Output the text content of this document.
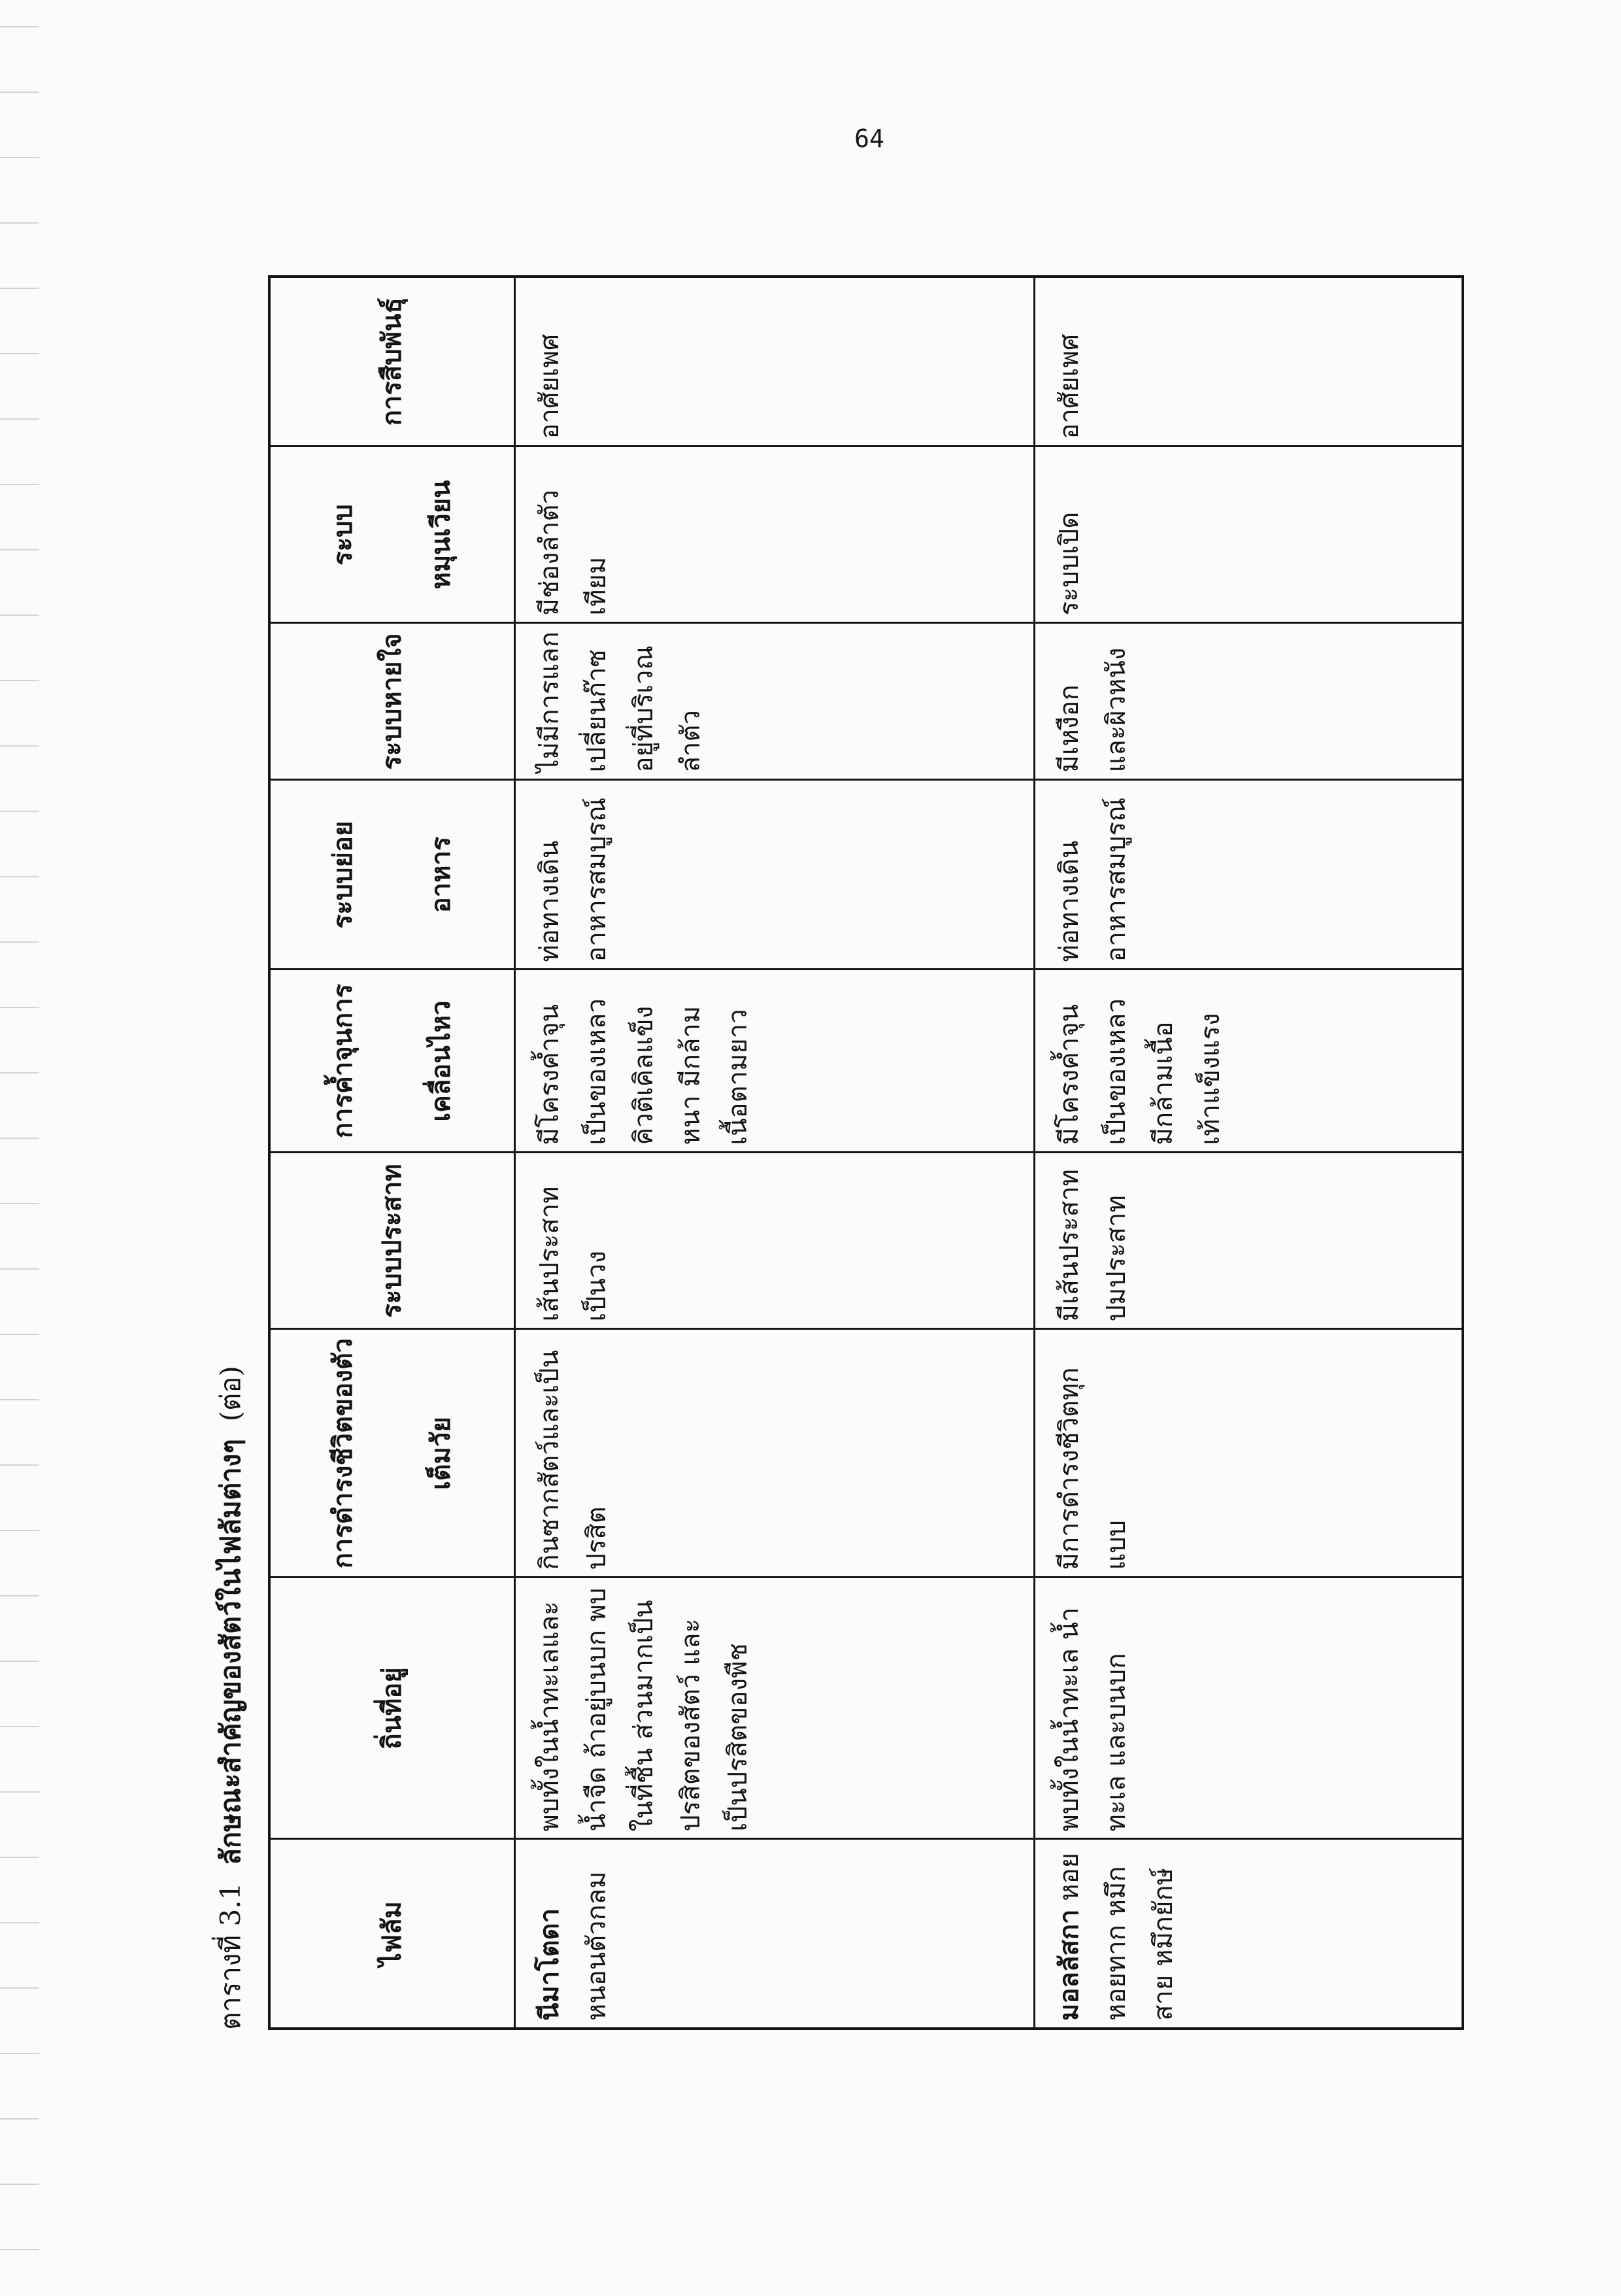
64
ตารางที่ 3.1  ลักษณะสำคัญของสัตว์ในไฟลัมต่างๆ  (ต่อ)
ไฟลัม	ถิ่นที่อยู่	การดำรงชีวิตของตัวเต็มวัย	ระบบประสาท	การค้ำจุนการเคลื่อนไหว	ระบบย่อยอาหาร	ระบบหายใจ	ระบบหมุนเวียน	การสืบพันธุ์
นีมาโตดา หนอนตัวกลม	พบทั้งในน้ำทะเลและน้ำจืด ถ้าอยู่บนบก พบในที่ชื้น ส่วนมากเป็นปรสิตของสัตว์ และเป็นปรสิตของพืช	กินซากสัตว์และเป็นปรสิต	เส้นประสาทเป็นวง	มีโครงค้ำจุนเป็นของเหลว คิวติเคิลแข็ง หนา มีกล้ามเนื้อตามยาว	ท่อทางเดินอาหารสมบูรณ์	ไม่มีการแลกเปลี่ยนก๊าซอยู่ที่บริเวณลำตัว	มีช่องลำตัวเทียม	อาศัยเพศ
มอลลัสกา หอย หอยทาก หมึกสาย หมึกยักษ์	พบทั้งในน้ำทะเล น้ำทะเล และบนบก	มีการดำรงชีวิตทุกแบบ	มีเส้นประสาท ปมประสาท	มีโครงค้ำจุนเป็นของเหลว มีกล้ามเนื้อ เท้าแข็งแรง	ท่อทางเดินอาหารสมบูรณ์	มีเหงือก และผิวหนัง	ระบบเปิด	อาศัยเพศ
